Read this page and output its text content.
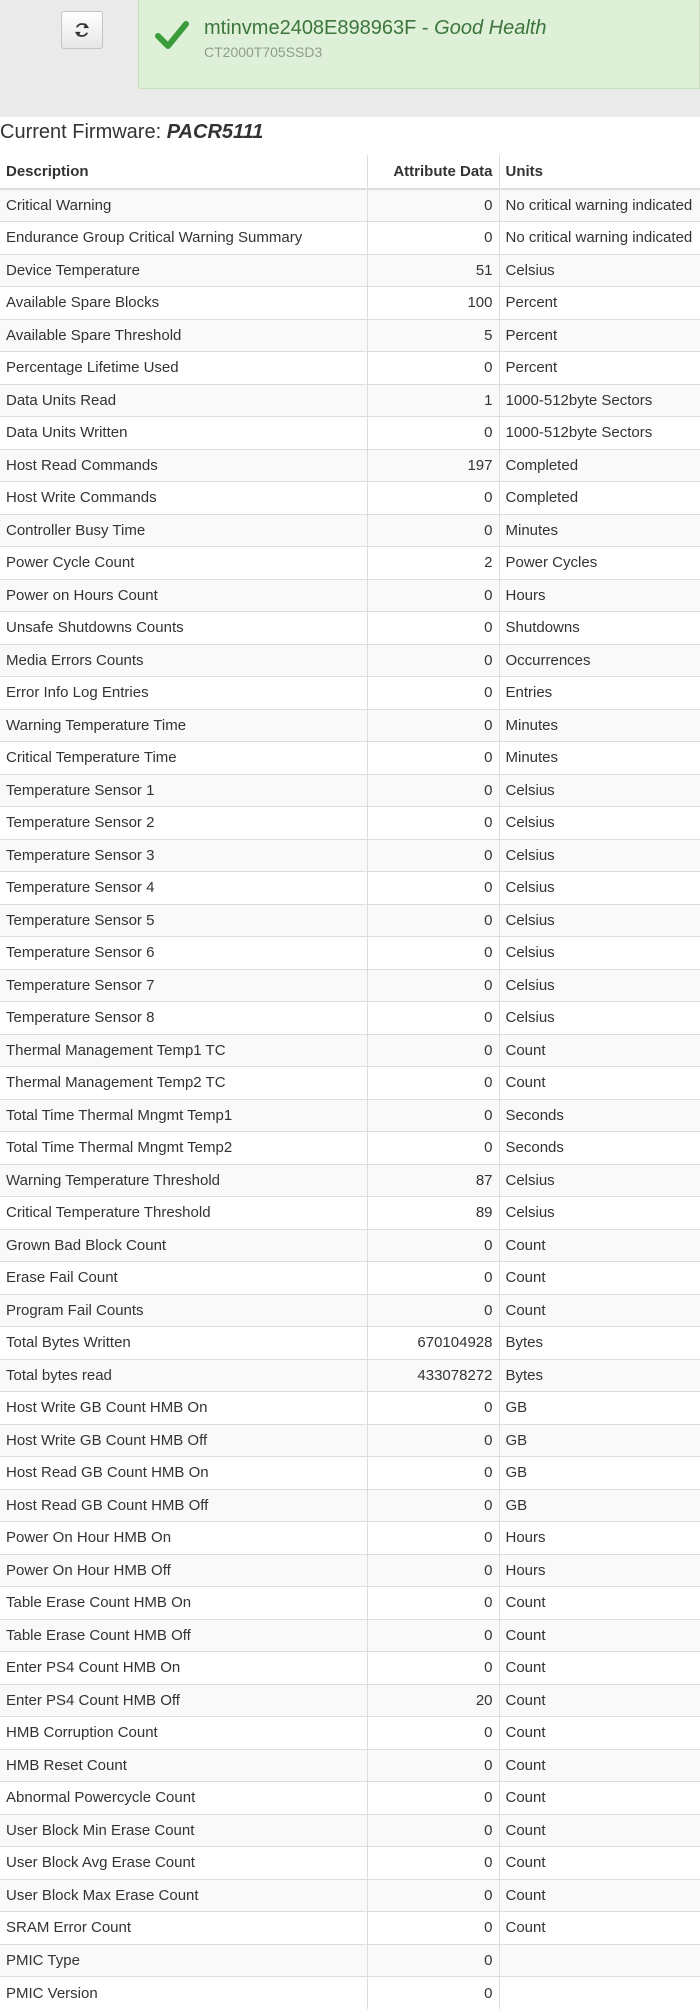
mtinvme2408E898963F - Good Health
CT2000T705SSD3
Current Firmware: PACR5111
Description	Attribute Data	Units
Critical Warning	0	No critical warning indicated
Endurance Group Critical Warning Summary	0	No critical warning indicated
Device Temperature	51	Celsius
Available Spare Blocks	100	Percent
Available Spare Threshold	5	Percent
Percentage Lifetime Used	0	Percent
Data Units Read	1	1000-512byte Sectors
Data Units Written	0	1000-512byte Sectors
Host Read Commands	197	Completed
Host Write Commands	0	Completed
Controller Busy Time	0	Minutes
Power Cycle Count	2	Power Cycles
Power on Hours Count	0	Hours
Unsafe Shutdowns Counts	0	Shutdowns
Media Errors Counts	0	Occurrences
Error Info Log Entries	0	Entries
Warning Temperature Time	0	Minutes
Critical Temperature Time	0	Minutes
Temperature Sensor 1	0	Celsius
Temperature Sensor 2	0	Celsius
Temperature Sensor 3	0	Celsius
Temperature Sensor 4	0	Celsius
Temperature Sensor 5	0	Celsius
Temperature Sensor 6	0	Celsius
Temperature Sensor 7	0	Celsius
Temperature Sensor 8	0	Celsius
Thermal Management Temp1 TC	0	Count
Thermal Management Temp2 TC	0	Count
Total Time Thermal Mngmt Temp1	0	Seconds
Total Time Thermal Mngmt Temp2	0	Seconds
Warning Temperature Threshold	87	Celsius
Critical Temperature Threshold	89	Celsius
Grown Bad Block Count	0	Count
Erase Fail Count	0	Count
Program Fail Counts	0	Count
Total Bytes Written	670104928	Bytes
Total bytes read	433078272	Bytes
Host Write GB Count HMB On	0	GB
Host Write GB Count HMB Off	0	GB
Host Read GB Count HMB On	0	GB
Host Read GB Count HMB Off	0	GB
Power On Hour HMB On	0	Hours
Power On Hour HMB Off	0	Hours
Table Erase Count HMB On	0	Count
Table Erase Count HMB Off	0	Count
Enter PS4 Count HMB On	0	Count
Enter PS4 Count HMB Off	20	Count
HMB Corruption Count	0	Count
HMB Reset Count	0	Count
Abnormal Powercycle Count	0	Count
User Block Min Erase Count	0	Count
User Block Avg Erase Count	0	Count
User Block Max Erase Count	0	Count
SRAM Error Count	0	Count
PMIC Type	0	
PMIC Version	0	
